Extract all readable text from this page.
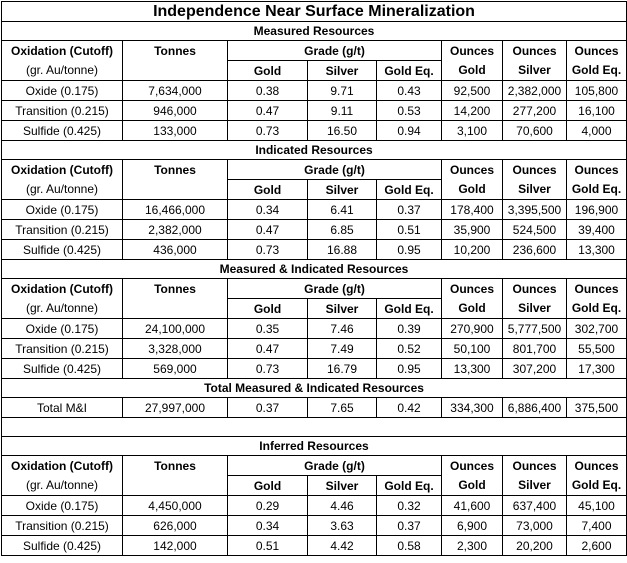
Independence Near Surface Mineralization							
Measured Resources							
Oxidation (Cutoff)	Tonnes	Grade (g/t)			Ounces	Ounces	Ounces
(gr. Au/tonne)		Gold	Silver	Gold Eq.	Gold	Silver	Gold Eq.
Oxide (0.175)	7,634,000	0.38	9.71	0.43	92,500	2,382,000	105,800
Transition (0.215)	946,000	0.47	9.11	0.53	14,200	277,200	16,100
Sulfide (0.425)	133,000	0.73	16.50	0.94	3,100	70,600	4,000
Indicated Resources							
Oxidation (Cutoff)	Tonnes	Grade (g/t)			Ounces	Ounces	Ounces
(gr. Au/tonne)		Gold	Silver	Gold Eq.	Gold	Silver	Gold Eq.
Oxide (0.175)	16,466,000	0.34	6.41	0.37	178,400	3,395,500	196,900
Transition (0.215)	2,382,000	0.47	6.85	0.51	35,900	524,500	39,400
Sulfide (0.425)	436,000	0.73	16.88	0.95	10,200	236,600	13,300
Measured & Indicated Resources							
Oxidation (Cutoff)	Tonnes	Grade (g/t)			Ounces	Ounces	Ounces
(gr. Au/tonne)		Gold	Silver	Gold Eq.	Gold	Silver	Gold Eq.
Oxide (0.175)	24,100,000	0.35	7.46	0.39	270,900	5,777,500	302,700
Transition (0.215)	3,328,000	0.47	7.49	0.52	50,100	801,700	55,500
Sulfide (0.425)	569,000	0.73	16.79	0.95	13,300	307,200	17,300
Total Measured & Indicated Resources							
Total M&I	27,997,000	0.37	7.65	0.42	334,300	6,886,400	375,500

Inferred Resources							
Oxidation (Cutoff)	Tonnes	Grade (g/t)			Ounces	Ounces	Ounces
(gr. Au/tonne)		Gold	Silver	Gold Eq.	Gold	Silver	Gold Eq.
Oxide (0.175)	4,450,000	0.29	4.46	0.32	41,600	637,400	45,100
Transition (0.215)	626,000	0.34	3.63	0.37	6,900	73,000	7,400
Sulfide (0.425)	142,000	0.51	4.42	0.58	2,300	20,200	2,600
